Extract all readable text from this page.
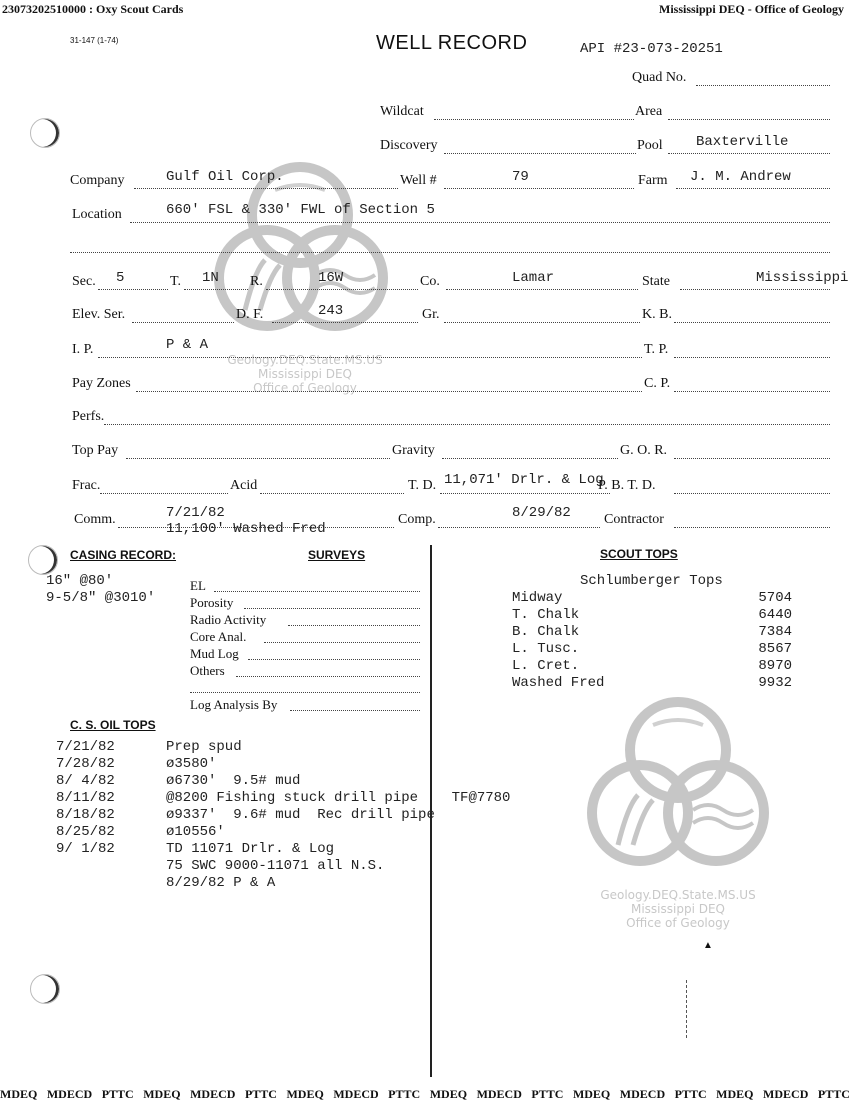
23073202510000 : Oxy Scout Cards	Mississippi DEQ - Office of Geology
Geology.DEQ.State.MS.US
Mississippi DEQ
Office of Geology
Geology.DEQ.State.MS.US
Mississippi DEQ
Office of Geology
31-147 (1-74)	WELL RECORD	API #23-073-20251
Quad No.
Wildcat	Area
Discovery	Pool Baxterville
Company	Gulf Oil Corp.	Well #	79	Farm J. M. Andrew
Location	660' FSL & 330' FWL of Section 5
Sec. 5	T. 1N R.	16W	Co.	Lamar	State	Mississippi
Elev. Ser.	D. F.	243	Gr.	K. B.
I. P.	P & A	T. P.
Pay Zones	C. P.
Perfs.
Top Pay	Gravity	G. O. R.
Frac.	Acid	T. D. 11,071' Drlr. & Log
P. B. T. D.
Comm.	7/21/82
11,100' Washed Fred
Comp.	8/29/82 Contractor
CASING RECORD:
16" @80'
9-5/8" @3010'
SURVEYS
EL
Porosity
Radio Activity
Core Anal.
Mud Log
Others
Log Analysis By
C. S. OIL TOPS
7/21/82	Prep spud
7/28/82	ø3580'
8/ 4/82	ø6730'  9.5# mud
8/11/82	@8200 Fishing stuck drill pipe    TF@7780
8/18/82	ø9337'  9.6# mud  Rec drill pipe
8/25/82	ø10556'
9/ 1/82	TD 11071 Drlr. & Log
75 SWC 9000-11071 all N.S.
8/29/82 P & A
SCOUT TOPS
Schlumberger Tops
Midway	5704
T. Chalk	6440
B. Chalk	7384
L. Tusc.	8567
L. Cret.	8970
Washed Fred	9932
▲
MDEQ MDECD PTTC MDEQ MDECD PTTC MDEQ MDECD PTTC MDEQ MDECD PTTC MDEQ MDECD PTTC MDEQ MDECD PTTC
